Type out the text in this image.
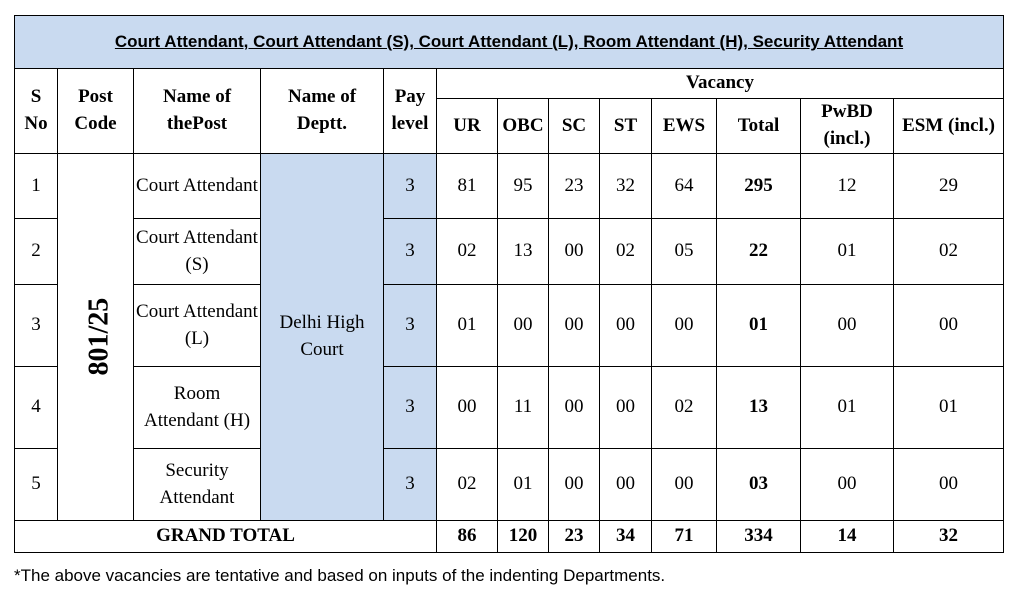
Court Attendant, Court Attendant (S), Court Attendant (L), Room Attendant (H), Security Attendant												
S No	Post Code	Name of thePost	Name of Deptt.	Pay level	Vacancy							
					UR	OBC	SC	ST	EWS	Total	PwBD (incl.)	ESM (incl.)
1	801/25	Court Attendant	Delhi High Court	3	81	95	23	32	64	295	12	29
2		Court Attendant (S)		3	02	13	00	02	05	22	01	02
3		Court Attendant (L)		3	01	00	00	00	00	01	00	00
4		Room Attendant (H)		3	00	11	00	00	02	13	01	01
5		Security Attendant		3	02	01	00	00	00	03	00	00
GRAND TOTAL					86	120	23	34	71	334	14	32
*The above vacancies are tentative and based on inputs of the indenting Departments.
